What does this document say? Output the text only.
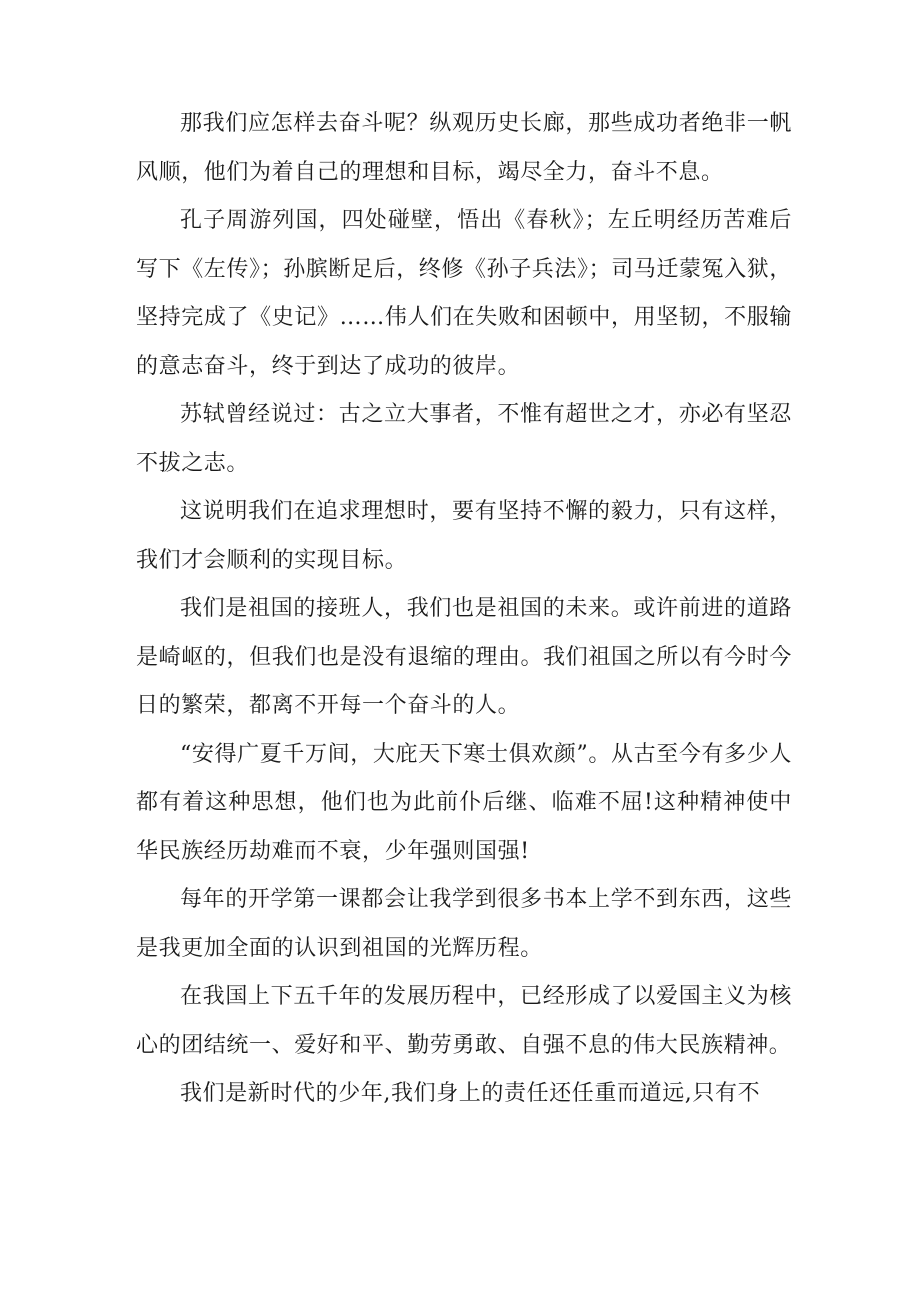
那我们应怎样去奋斗呢？纵观历史长廊，那些成功者绝非一帆风顺，他们为着自己的理想和目标，竭尽全力，奋斗不息。

孔子周游列国，四处碰壁，悟出《春秋》；左丘明经历苦难后写下《左传》；孙膑断足后，终修《孙子兵法》；司马迁蒙冤入狱，坚持完成了《史记》……伟人们在失败和困顿中，用坚韧，不服输的意志奋斗，终于到达了成功的彼岸。

苏轼曾经说过：古之立大事者，不惟有超世之才，亦必有坚忍不拔之志。

这说明我们在追求理想时，要有坚持不懈的毅力，只有这样，我们才会顺利的实现目标。

我们是祖国的接班人，我们也是祖国的未来。或许前进的道路是崎岖的，但我们也是没有退缩的理由。我们祖国之所以有今时今日的繁荣，都离不开每一个奋斗的人。

“安得广夏千万间，大庇天下寒士俱欢颜”。从古至今有多少人都有着这种思想，他们也为此前仆后继、临难不屈!这种精神使中华民族经历劫难而不衰，少年强则国强!

每年的开学第一课都会让我学到很多书本上学不到东西，这些是我更加全面的认识到祖国的光辉历程。

在我国上下五千年的发展历程中，已经形成了以爱国主义为核心的团结统一、爱好和平、勤劳勇敢、自强不息的伟大民族精神。

我们是新时代的少年,我们身上的责任还任重而道远,只有不
